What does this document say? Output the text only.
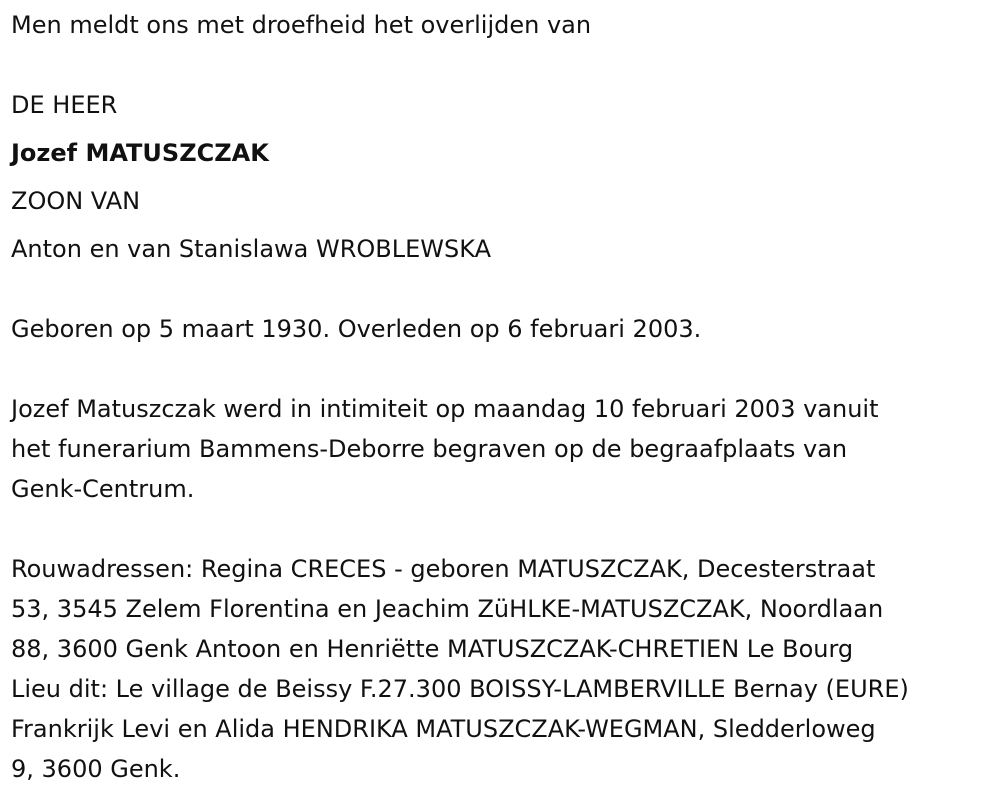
Men meldt ons met droefheid het overlijden van
DE HEER
Jozef MATUSZCZAK
ZOON VAN
Anton en van Stanislawa WROBLEWSKA
Geboren op 5 maart 1930. Overleden op 6 februari 2003.
Jozef Matuszczak werd in intimiteit op maandag 10 februari 2003 vanuit
het funerarium Bammens-Deborre begraven op de begraafplaats van
Genk-Centrum.
Rouwadressen: Regina CRECES - geboren MATUSZCZAK, Decesterstraat
53, 3545 Zelem Florentina en Jeachim ZüHLKE-MATUSZCZAK, Noordlaan
88, 3600 Genk Antoon en Henriëtte MATUSZCZAK-CHRETIEN Le Bourg
Lieu dit: Le village de Beissy F.27.300 BOISSY-LAMBERVILLE Bernay (EURE)
Frankrijk Levi en Alida HENDRIKA MATUSZCZAK-WEGMAN, Sledderloweg
9, 3600 Genk.
